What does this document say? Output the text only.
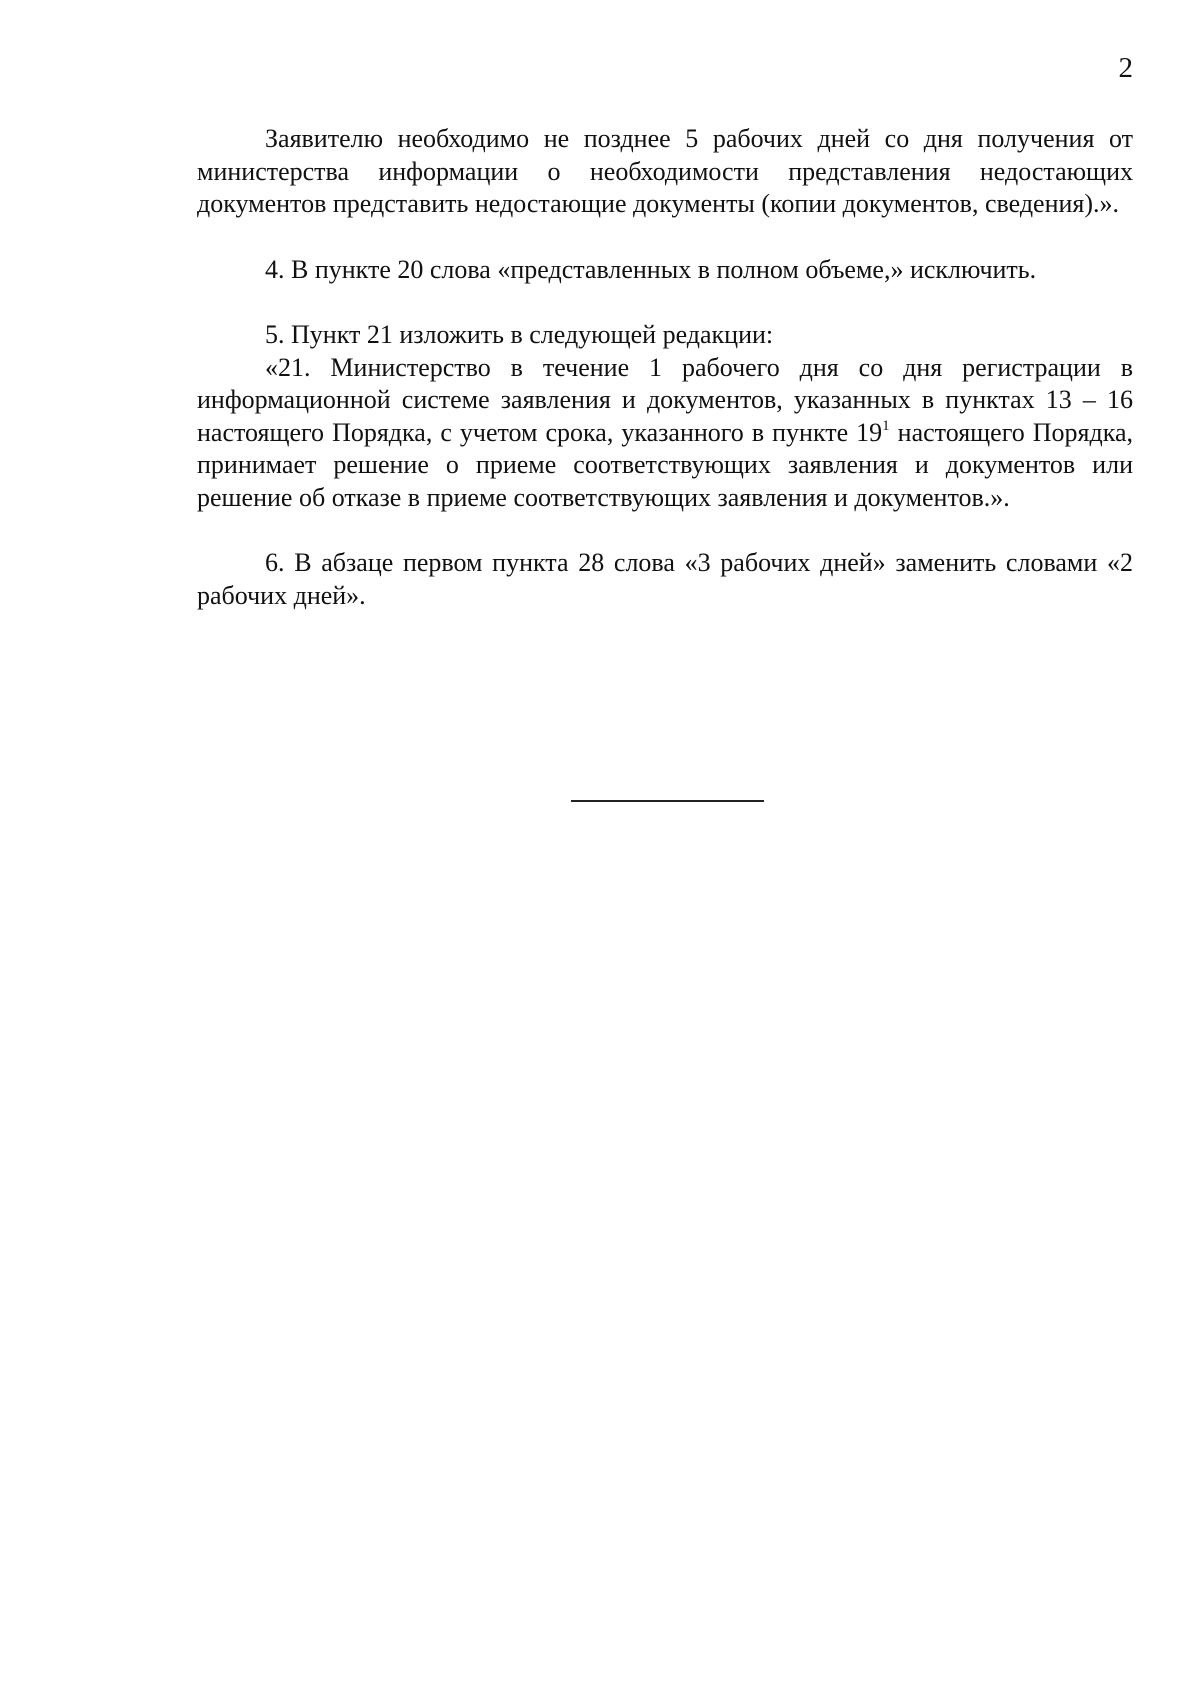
2

Заявителю необходимо не позднее 5 рабочих дней со дня получения от министерства информации о необходимости представления недостающих документов представить недостающие документы (копии документов, сведения).».

4. В пункте 20 слова «представленных в полном объеме,» исключить.

5. Пункт 21 изложить в следующей редакции:

«21. Министерство в течение 1 рабочего дня со дня регистрации в информационной системе заявления и документов, указанных в пунктах 13 – 16 настоящего Порядка, с учетом срока, указанного в пункте $19^1$ настоящего Порядка, принимает решение о приеме соответствующих заявления и документов или решение об отказе в приеме соответствующих заявления и документов.».

6. В абзаце первом пункта 28 слова «3 рабочих дней» заменить словами «2 рабочих дней».
